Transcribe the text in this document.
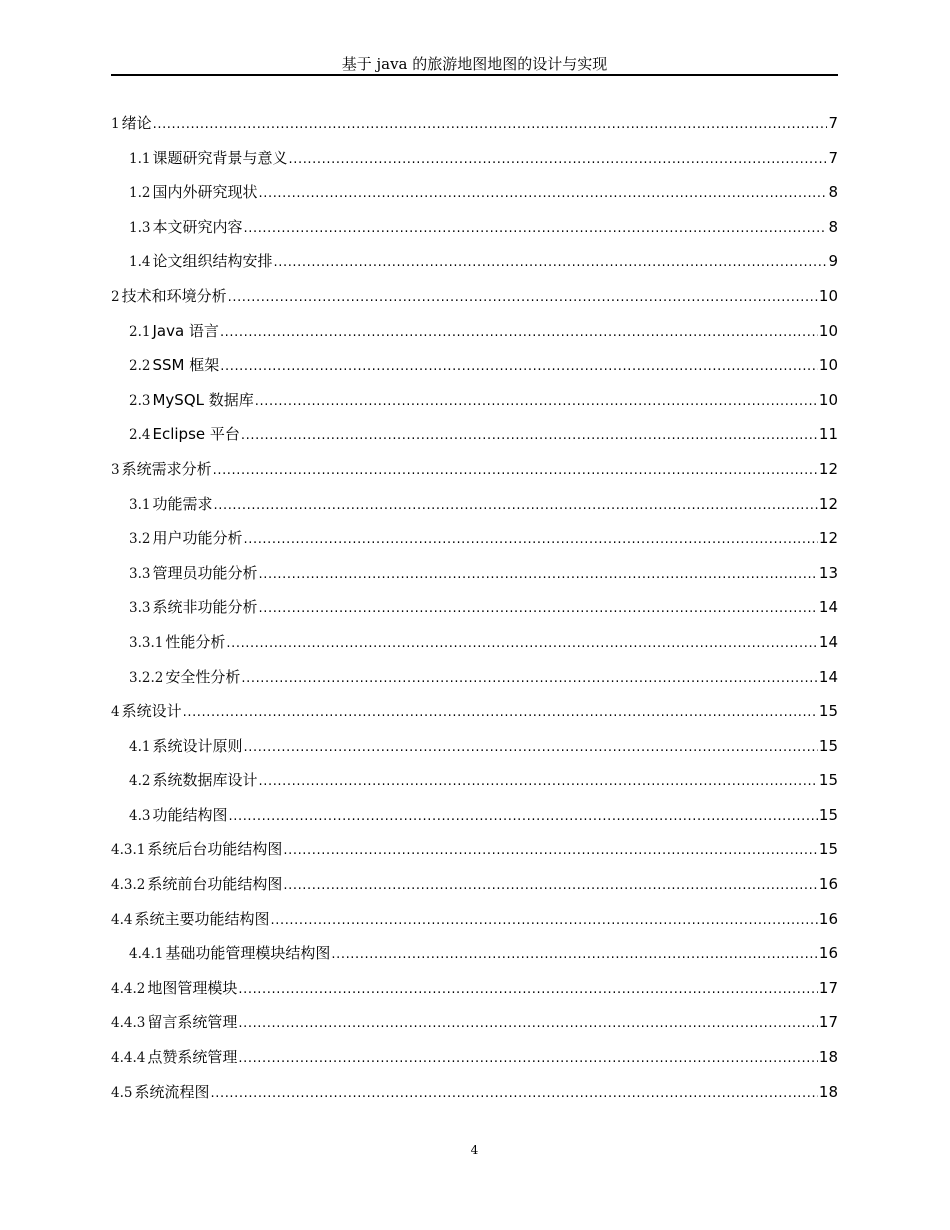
基于 java 的旅游地图地图的设计与实现
1 绪论 .....	7
1.1 课题研究背景与意义 .....	7
1.2 国内外研究现状 .....	8
1.3 本文研究内容 .....	8
1.4 论文组织结构安排 .....	9
2 技术和环境分析 .....	10
2.1 Java 语言 .....	10
2.2 SSM 框架 .....	10
2.3 MySQL 数据库 .....	10
2.4 Eclipse 平台 .....	11
3 系统需求分析 .....	12
3.1 功能需求 .....	12
3.2 用户功能分析 .....	12
3.3 管理员功能分析 .....	13
3.3 系统非功能分析 .....	14
3.3.1 性能分析 .....	14
3.2.2 安全性分析 .....	14
4 系统设计 .....	15
4.1 系统设计原则 .....	15
4.2 系统数据库设计 .....	15
4.3 功能结构图 .....	15
4.3.1 系统后台功能结构图 .....	15
4.3.2 系统前台功能结构图 .....	16
4.4 系统主要功能结构图 .....	16
4.4.1 基础功能管理模块结构图 .....	16
4.4.2 地图管理模块 .....	17
4.4.3 留言系统管理 .....	17
4.4.4 点赞系统管理 .....	18
4.5 系统流程图 .....	18
4
